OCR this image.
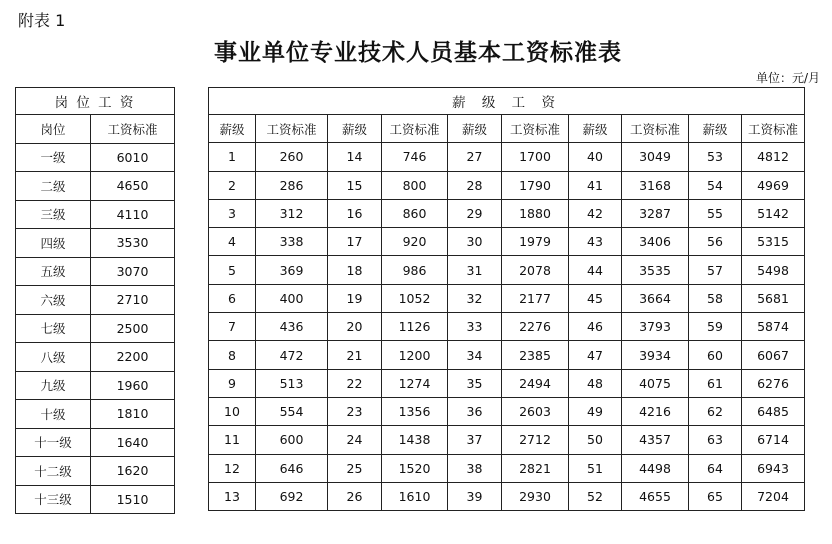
附表 1
事业单位专业技术人员基本工资标准表
单位：元/月
岗 位 工 资	
岗位	工资标准
一级	6010
二级	4650
三级	4110
四级	3530
五级	3070
六级	2710
七级	2500
八级	2200
九级	1960
十级	1810
十一级	1640
十二级	1620
十三级	1510
薪 级 工 资									
薪级	工资标准	薪级	工资标准	薪级	工资标准	薪级	工资标准	薪级	工资标准
1	260	14	746	27	1700	40	3049	53	4812
2	286	15	800	28	1790	41	3168	54	4969
3	312	16	860	29	1880	42	3287	55	5142
4	338	17	920	30	1979	43	3406	56	5315
5	369	18	986	31	2078	44	3535	57	5498
6	400	19	1052	32	2177	45	3664	58	5681
7	436	20	1126	33	2276	46	3793	59	5874
8	472	21	1200	34	2385	47	3934	60	6067
9	513	22	1274	35	2494	48	4075	61	6276
10	554	23	1356	36	2603	49	4216	62	6485
11	600	24	1438	37	2712	50	4357	63	6714
12	646	25	1520	38	2821	51	4498	64	6943
13	692	26	1610	39	2930	52	4655	65	7204
